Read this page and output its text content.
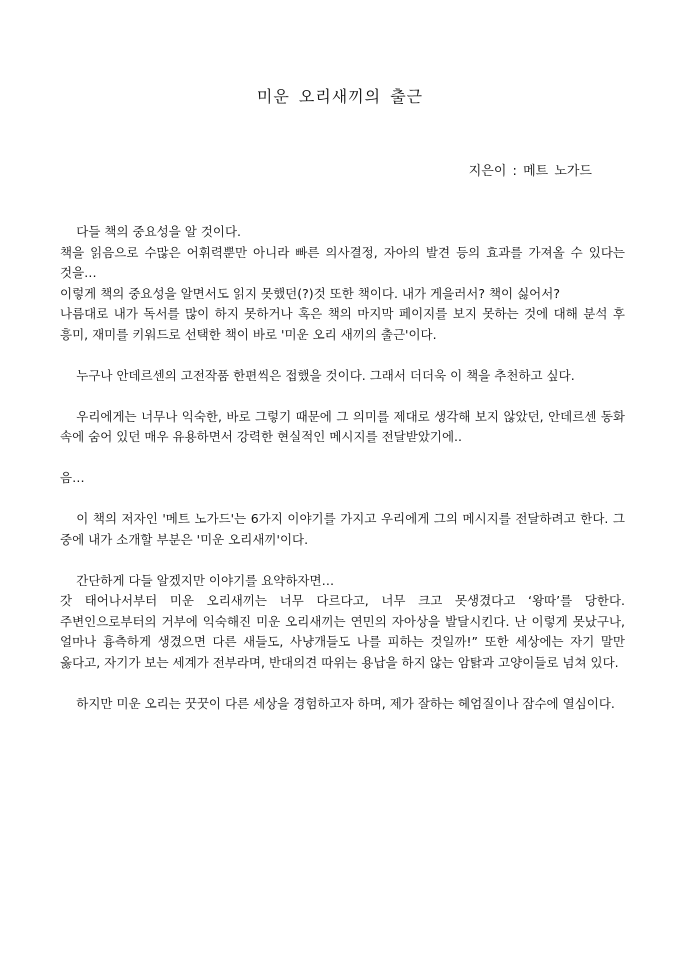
미운 오리새끼의 출근
지은이 : 메트 노가드

다들 책의 중요성을 알 것이다.

책을 읽음으로 수많은 어휘력뿐만 아니라 빠른 의사결정, 자아의 발견 등의 효과를 가져올 수 있다는 것을…

이렇게 책의 중요성을 알면서도 읽지 못했던(?)것 또한 책이다. 내가 게을러서? 책이 싫어서?

나름대로 내가 독서를 많이 하지 못하거나 혹은 책의 마지막 페이지를 보지 못하는 것에 대해 분석 후 흥미, 재미를 키워드로 선택한 책이 바로 '미운 오리 새끼의 출근'이다.

누구나 안데르센의 고전작품 한편씩은 접했을 것이다. 그래서 더더욱 이 책을 추천하고 싶다.

우리에게는 너무나 익숙한, 바로 그렇기 때문에 그 의미를 제대로 생각해 보지 않았던, 안데르센 동화 속에 숨어 있던 매우 유용하면서 강력한 현실적인 메시지를 전달받았기에..

음…

이 책의 저자인 '메트 노가드'는 6가지 이야기를 가지고 우리에게 그의 메시지를 전달하려고 한다. 그 중에 내가 소개할 부분은 '미운 오리새끼'이다.

간단하게 다들 알겠지만 이야기를 요약하자면…

갓 태어나서부터 미운 오리새끼는 너무 다르다고, 너무 크고 못생겼다고 ‘왕따’를 당한다. 주변인으로부터의 거부에 익숙해진 미운 오리새끼는 연민의 자아상을 발달시킨다. 난 이렇게 못났구나, 얼마나 흉측하게 생겼으면 다른 새들도, 사냥개들도 나를 피하는 것일까!” 또한 세상에는 자기 말만 옳다고, 자기가 보는 세계가 전부라며, 반대의견 따위는 용납을 하지 않는 암탉과 고양이들로 넘쳐 있다.

하지만 미운 오리는 꿋꿋이 다른 세상을 경험하고자 하며, 제가 잘하는 헤엄질이나 잠수에 열심이다.
